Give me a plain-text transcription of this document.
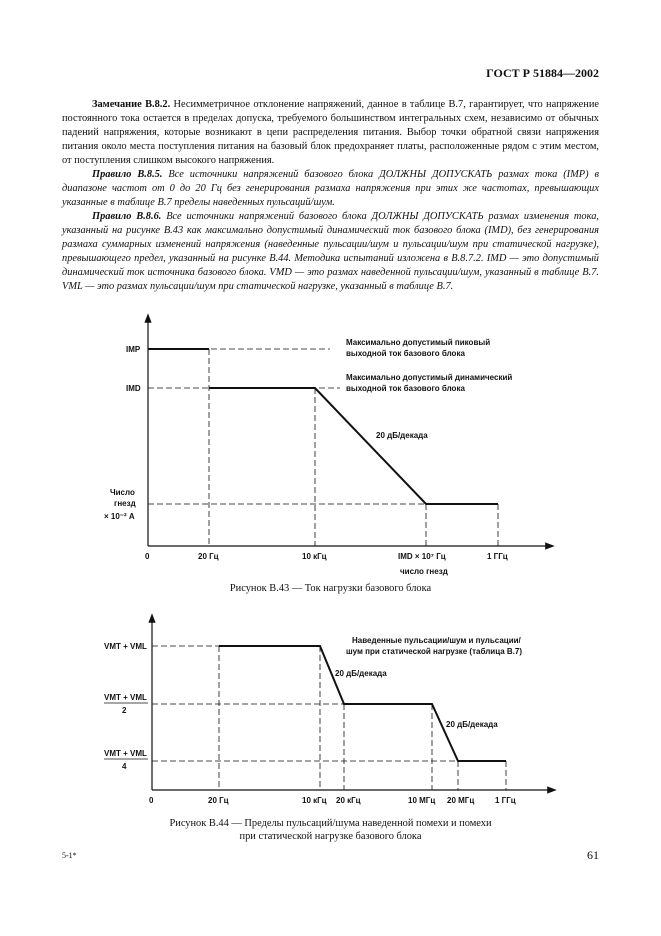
ГОСТ Р 51884—2002

Замечание В.8.2. Несимметричное отклонение напряжений, данное в таблице В.7, гарантирует, что напряжение постоянного тока остается в пределах допуска, требуемого большинством интегральных схем, независимо от обычных падений напряжения, которые возникают в цепи распределения питания. Выбор точки обратной связи напряжения питания около места поступления питания на базовый блок предохраняет платы, расположенные рядом с этим местом, от поступления слишком высокого напряжения.

Правило В.8.5. Все источники напряжений базового блока ДОЛЖНЫ ДОПУСКАТЬ размах тока (IMP) в диапазоне частот от 0 до 20 Гц без генерирования размаха напряжения при этих же частотах, превышающих указанные в таблице В.7 пределы наведенных пульсаций/шум.

Правило В.8.6. Все источники напряжений базового блока ДОЛЖНЫ ДОПУСКАТЬ размах изменения тока, указанный на рисунке В.43 как максимально допустимый динамический ток базового блока (IMD), без генерирования размаха суммарных изменений напряжения (наведенные пульсации/шум и пульсации/шум при статической нагрузке), превышающего предел, указанный на рисунке В.44. Методика испытаний изложена в В.8.7.2. IMD — это допустимый динамический ток источника базового блока. VMD — это размах наведенной пульсации/шум, указанный в таблице В.7. VML — это размах пульсации/шум при статической нагрузке, указанный в таблице В.7.

IMP
IMD
Число
гнезд
× 10⁻² А
0	20 Гц	10 кГц	IMD × 10⁷ Гц	1 ГГц
число гнезд
Максимально допустимый пиковый
выходной ток базового блока
Максимально допустимый динамический
выходной ток базового блока
20 дБ/декада
VMT + VML
VMT + VML
2
VMT + VML
4
0	20 Гц	10 кГц 20 кГц	10 МГц 20 МГц	1 ГГц
Наведенные пульсации/шум и пульсации/
шум при статической нагрузке (таблица В.7)
20 дБ/декада
20 дБ/декада
Рисунок В.43 — Ток нагрузки базового блока
Рисунок В.44 — Пределы пульсаций/шума наведенной помехи и помехи
при статической нагрузке базового блока
5-1*	61
